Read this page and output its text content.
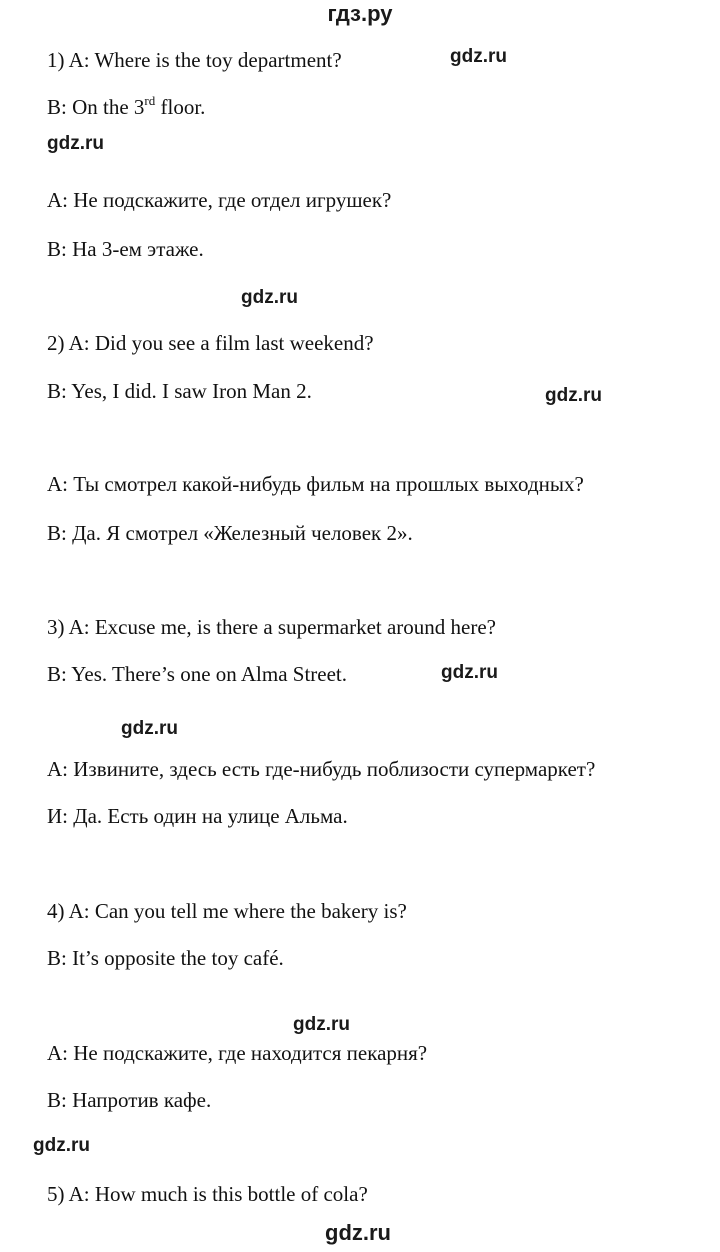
гдз.ру
1) A: Where is the toy department?	gdz.ru
B: On the 3rd floor.
gdz.ru
A: Не подскажите, где отдел игрушек?
B: На 3-ем этаже.
gdz.ru
2) A: Did you see a film last weekend?
B: Yes, I did. I saw Iron Man 2.	gdz.ru
A: Ты смотрел какой-нибудь фильм на прошлых выходных?
B: Да. Я смотрел «Железный человек 2».
3) A: Excuse me, is there a supermarket around here?
B: Yes. There’s one on Alma Street.	gdz.ru
gdz.ru
A: Извините, здесь есть где-нибудь поблизости супермаркет?
И: Да. Есть один на улице Альма.
4) A: Can you tell me where the bakery is?
B: It’s opposite the toy café.
gdz.ru
A: Не подскажите, где находится пекарня?
B: Напротив кафе.
gdz.ru
5) A: How much is this bottle of cola?
gdz.ru
